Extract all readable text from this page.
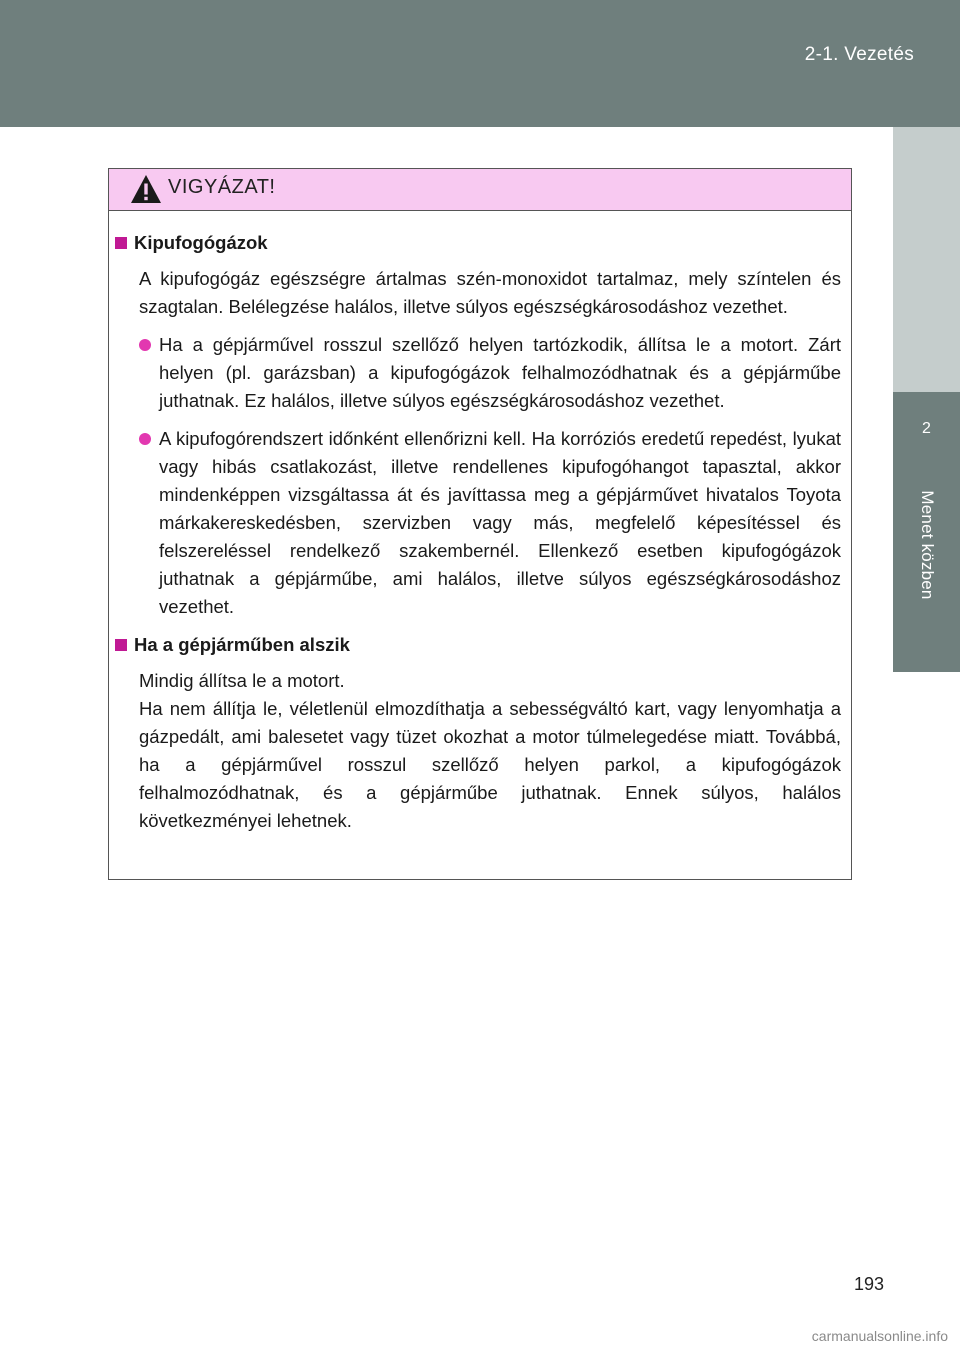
2-1. Vezetés
2
Menet közben
VIGYÁZAT!
Kipufogógázok

A kipufogógáz egészségre ártalmas szén-monoxidot tartalmaz, mely színtelen és szagtalan. Belélegzése halálos, illetve súlyos egészségkárosodáshoz vezethet.

Ha a gépjárművel rosszul szellőző helyen tartózkodik, állítsa le a motort. Zárt helyen (pl. garázsban) a kipufogógázok felhalmozódhatnak és a gépjárműbe juthatnak. Ez halálos, illetve súlyos egészségkárosodáshoz vezethet.
A kipufogórendszert időnként ellenőrizni kell. Ha korróziós eredetű repedést, lyukat vagy hibás csatlakozást, illetve rendellenes kipufogóhangot tapasztal, akkor mindenképpen vizsgáltassa át és javíttassa meg a gépjárművet hivatalos Toyota márkakereskedésben, szervizben vagy más, megfelelő képesítéssel és felszereléssel rendelkező szakembernél. Ellenkező esetben kipufogógázok juthatnak a gépjárműbe, ami halálos, illetve súlyos egészségkárosodáshoz vezethet.
Ha a gépjárműben alszik

Mindig állítsa le a motort.
Ha nem állítja le, véletlenül elmozdíthatja a sebességváltó kart, vagy lenyomhatja a gázpedált, ami balesetet vagy tüzet okozhat a motor túlmelegedése miatt. Továbbá, ha a gépjárművel rosszul szellőző helyen parkol, a kipufogógázok felhalmozódhatnak, és a gépjárműbe juthatnak. Ennek súlyos, halálos következményei lehetnek.

193
carmanualsonline.info
